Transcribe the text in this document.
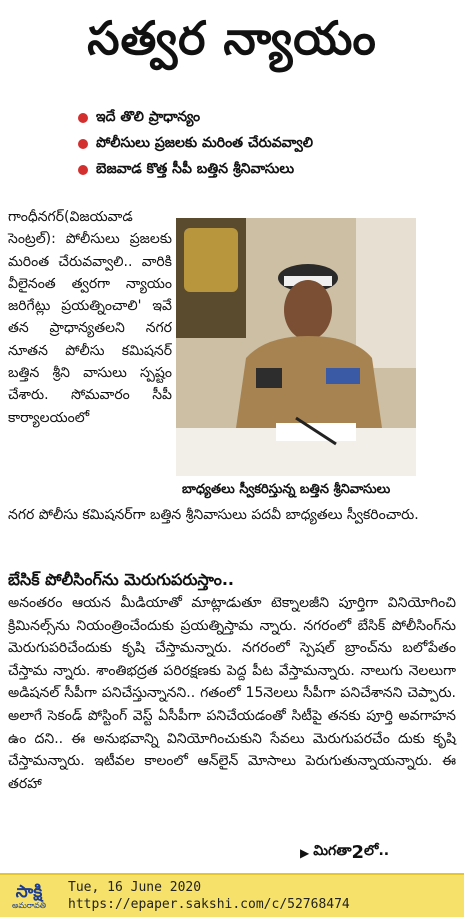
సత్వర న్యాయం
ఇదే తొలి ప్రాధాన్యం
పోలీసులు ప్రజలకు మరింత చేరువవ్వాలి
బెజవాడ కొత్త సీపీ బత్తిన శ్రీనివాసులు
గాంధీనగర్(విజయవాడ సెంట్రల్): పోలీసులు ప్రజలకు మరింత చేరువవ్వాలి.. వారికి వీలైనంత త్వరగా న్యాయం జరిగేట్లు ప్రయత్నించాలి' ఇవే తన ప్రాధాన్యతలని నగర నూతన పోలీసు కమిషనర్ బత్తిన శ్రీని వాసులు స్పష్టం చేశారు. సోమవారం సీపీ కార్యాలయంలో
బాధ్యతలు స్వీకరిస్తున్న బత్తిన శ్రీనివాసులు
నగర పోలీసు కమిషనర్‌గా బత్తిన శ్రీనివాసులు పదవీ బాధ్యతలు స్వీకరించారు.
బేసిక్ పోలీసింగ్‌ను మెరుగుపరుస్తాం..
అనంతరం ఆయన మీడియాతో మాట్లాడుతూ టెక్నాలజీని పూర్తిగా వినియోగించి క్రిమినల్స్‌ను నియంత్రించేందుకు ప్రయత్నిస్తామ న్నారు. నగరంలో బేసిక్ పోలీసింగ్‌ను మెరుగుపరిచేందుకు కృషి చేస్తామన్నారు. నగరంలో స్పెషల్ బ్రాంచ్‌ను బలోపేతం చేస్తామ న్నారు. శాంతిభద్రత పరిరక్షణకు పెద్ద పీట వేస్తామన్నారు. నాలుగు నెలలుగా అడిషనల్ సీపీగా పనిచేస్తున్నానని.. గతంలో 15నెలలు సీపీగా పనిచేశానని చెప్పారు. అలాగే సెకండ్ పోస్టింగ్ వెస్ట్ ఏసీపీగా పనిచేయడంతో సిటీపై తనకు పూర్తి అవగాహన ఉం దని.. ఈ అనుభవాన్ని వినియోగించుకుని సేవలు మెరుగుపరచేం దుకు కృషి చేస్తామన్నారు. ఇటీవల కాలంలో ఆన్‌లైన్ మోసాలు పెరుగుతున్నాయన్నారు. ఈ తరహా
▶ మిగతా 2 లో..
సాక్షి
అమరావతి
Tue, 16 June 2020
https://epaper.sakshi.com/c/52768474
